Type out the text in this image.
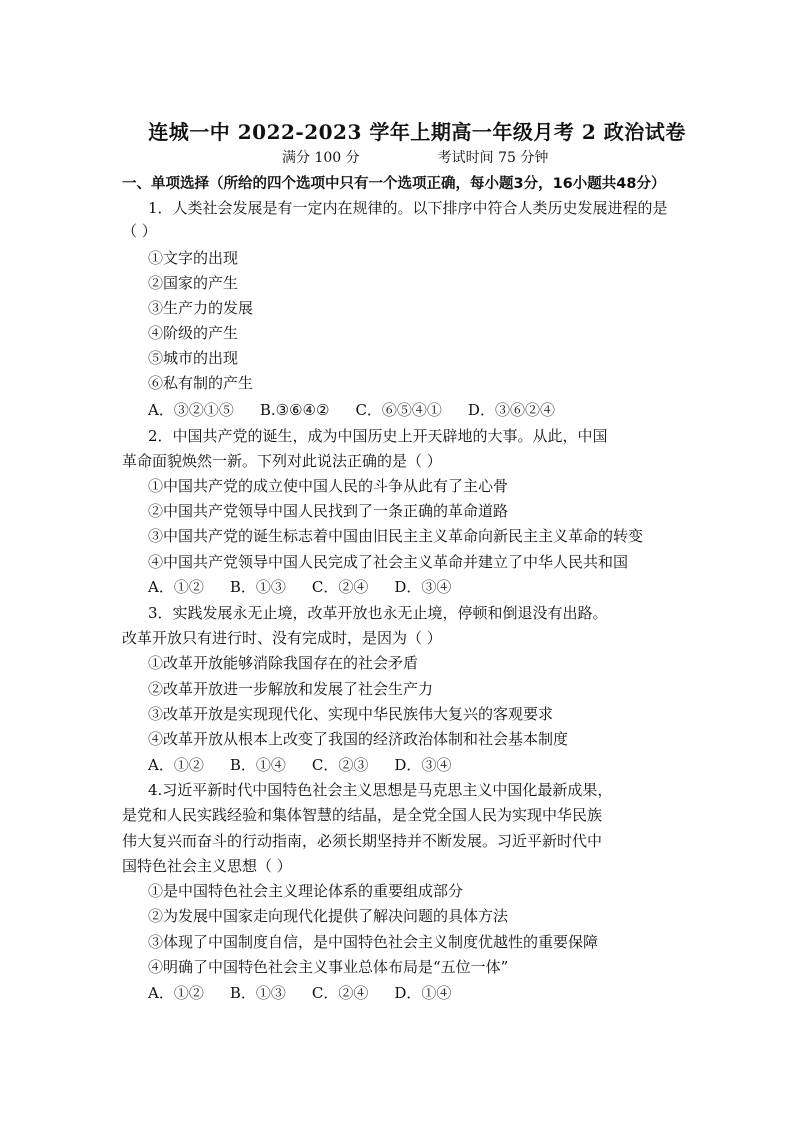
连城一中 2022-2023 学年上期高一年级月考 2 政治试卷
满分 100 分	考试时间 75 分钟
一、单项选择（所给的四个选项中只有一个选项正确，每小题3分，16小题共48分）
1．人类社会发展是有一定内在规律的。以下排序中符合人类历史发展进程的是
（ ）
①文字的出现
②国家的产生
③生产力的发展
④阶级的产生
⑤城市的出现
⑥私有制的产生
A．③②①⑤ B.③⑥④② C．⑥⑤④① D．③⑥②④
2．中国共产党的诞生，成为中国历史上开天辟地的大事。从此，中国
革命面貌焕然一新。下列对此说法正确的是（ ）
①中国共产党的成立使中国人民的斗争从此有了主心骨
②中国共产党领导中国人民找到了一条正确的革命道路
③中国共产党的诞生标志着中国由旧民主主义革命向新民主主义革命的转变
④中国共产党领导中国人民完成了社会主义革命并建立了中华人民共和国
A．①② B．①③ C．②④ D．③④
3．实践发展永无止境，改革开放也永无止境，停顿和倒退没有出路。
改革开放只有进行时、没有完成时，是因为（ ）
①改革开放能够消除我国存在的社会矛盾
②改革开放进一步解放和发展了社会生产力
③改革开放是实现现代化、实现中华民族伟大复兴的客观要求
④改革开放从根本上改变了我国的经济政治体制和社会基本制度
A．①② B．①④ C．②③ D．③④
4.习近平新时代中国特色社会主义思想是马克思主义中国化最新成果，
是党和人民实践经验和集体智慧的结晶，是全党全国人民为实现中华民族
伟大复兴而奋斗的行动指南，必须长期坚持并不断发展。习近平新时代中
国特色社会主义思想（ ）
①是中国特色社会主义理论体系的重要组成部分
②为发展中国家走向现代化提供了解决问题的具体方法
③体现了中国制度自信，是中国特色社会主义制度优越性的重要保障
④明确了中国特色社会主义事业总体布局是“五位一体”
A．①② B．①③ C．②④ D．①④
